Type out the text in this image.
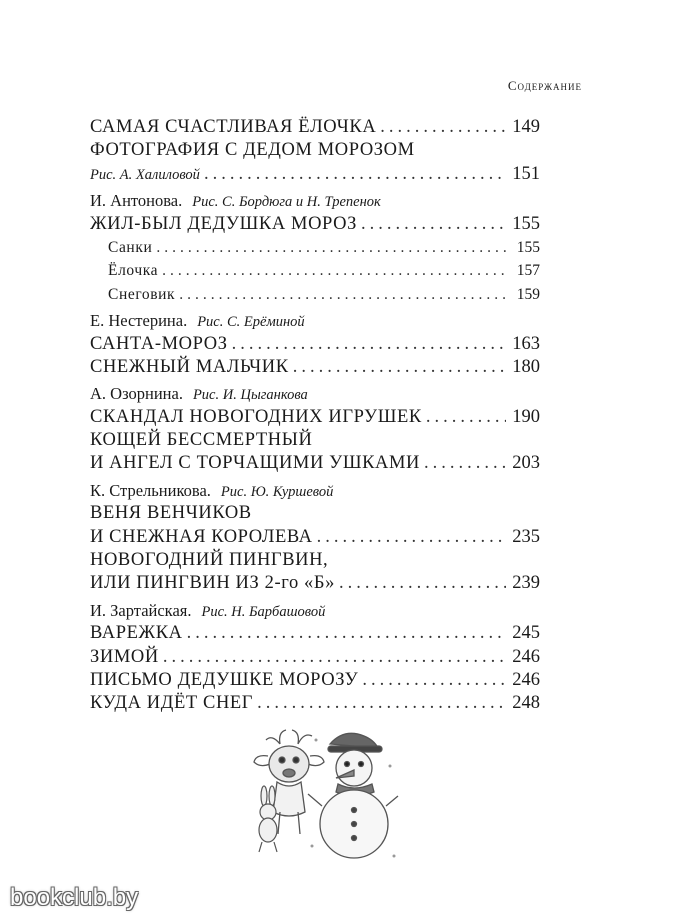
Содержание
САМАЯ СЧАСТЛИВАЯ ЁЛОЧКА .....	149
ФОТОГРАФИЯ С ДЕДОМ МОРОЗОМ
Рис. А. Халиловой .....	151
И. Антонова. Рис. С. Бордюга и Н. Трепенок
ЖИЛ-БЫЛ ДЕДУШКА МОРОЗ .....	155
Санки .....	155
Ёлочка .....	157
Снеговик .....	159
Е. Нестерина. Рис. С. Ерёминой
САНТА-МОРОЗ .....	163
СНЕЖНЫЙ МАЛЬЧИК .....	180
А. Озорнина. Рис. И. Цыганкова
СКАНДАЛ НОВОГОДНИХ ИГРУШЕК .....	190
КОЩЕЙ БЕССМЕРТНЫЙ
И АНГЕЛ С ТОРЧАЩИМИ УШКАМИ .....	203
К. Стрельникова. Рис. Ю. Куршевой
ВЕНЯ ВЕНЧИКОВ
И СНЕЖНАЯ КОРОЛЕВА .....	235
НОВОГОДНИЙ ПИНГВИН,
ИЛИ ПИНГВИН ИЗ 2-го «Б» .....	239
И. Зартайская. Рис. Н. Барбашовой
ВАРЕЖКА .....	245
ЗИМОЙ .....	246
ПИСЬМО ДЕДУШКЕ МОРОЗУ .....	246
КУДА ИДЁТ СНЕГ .....	248
bookclub.by
